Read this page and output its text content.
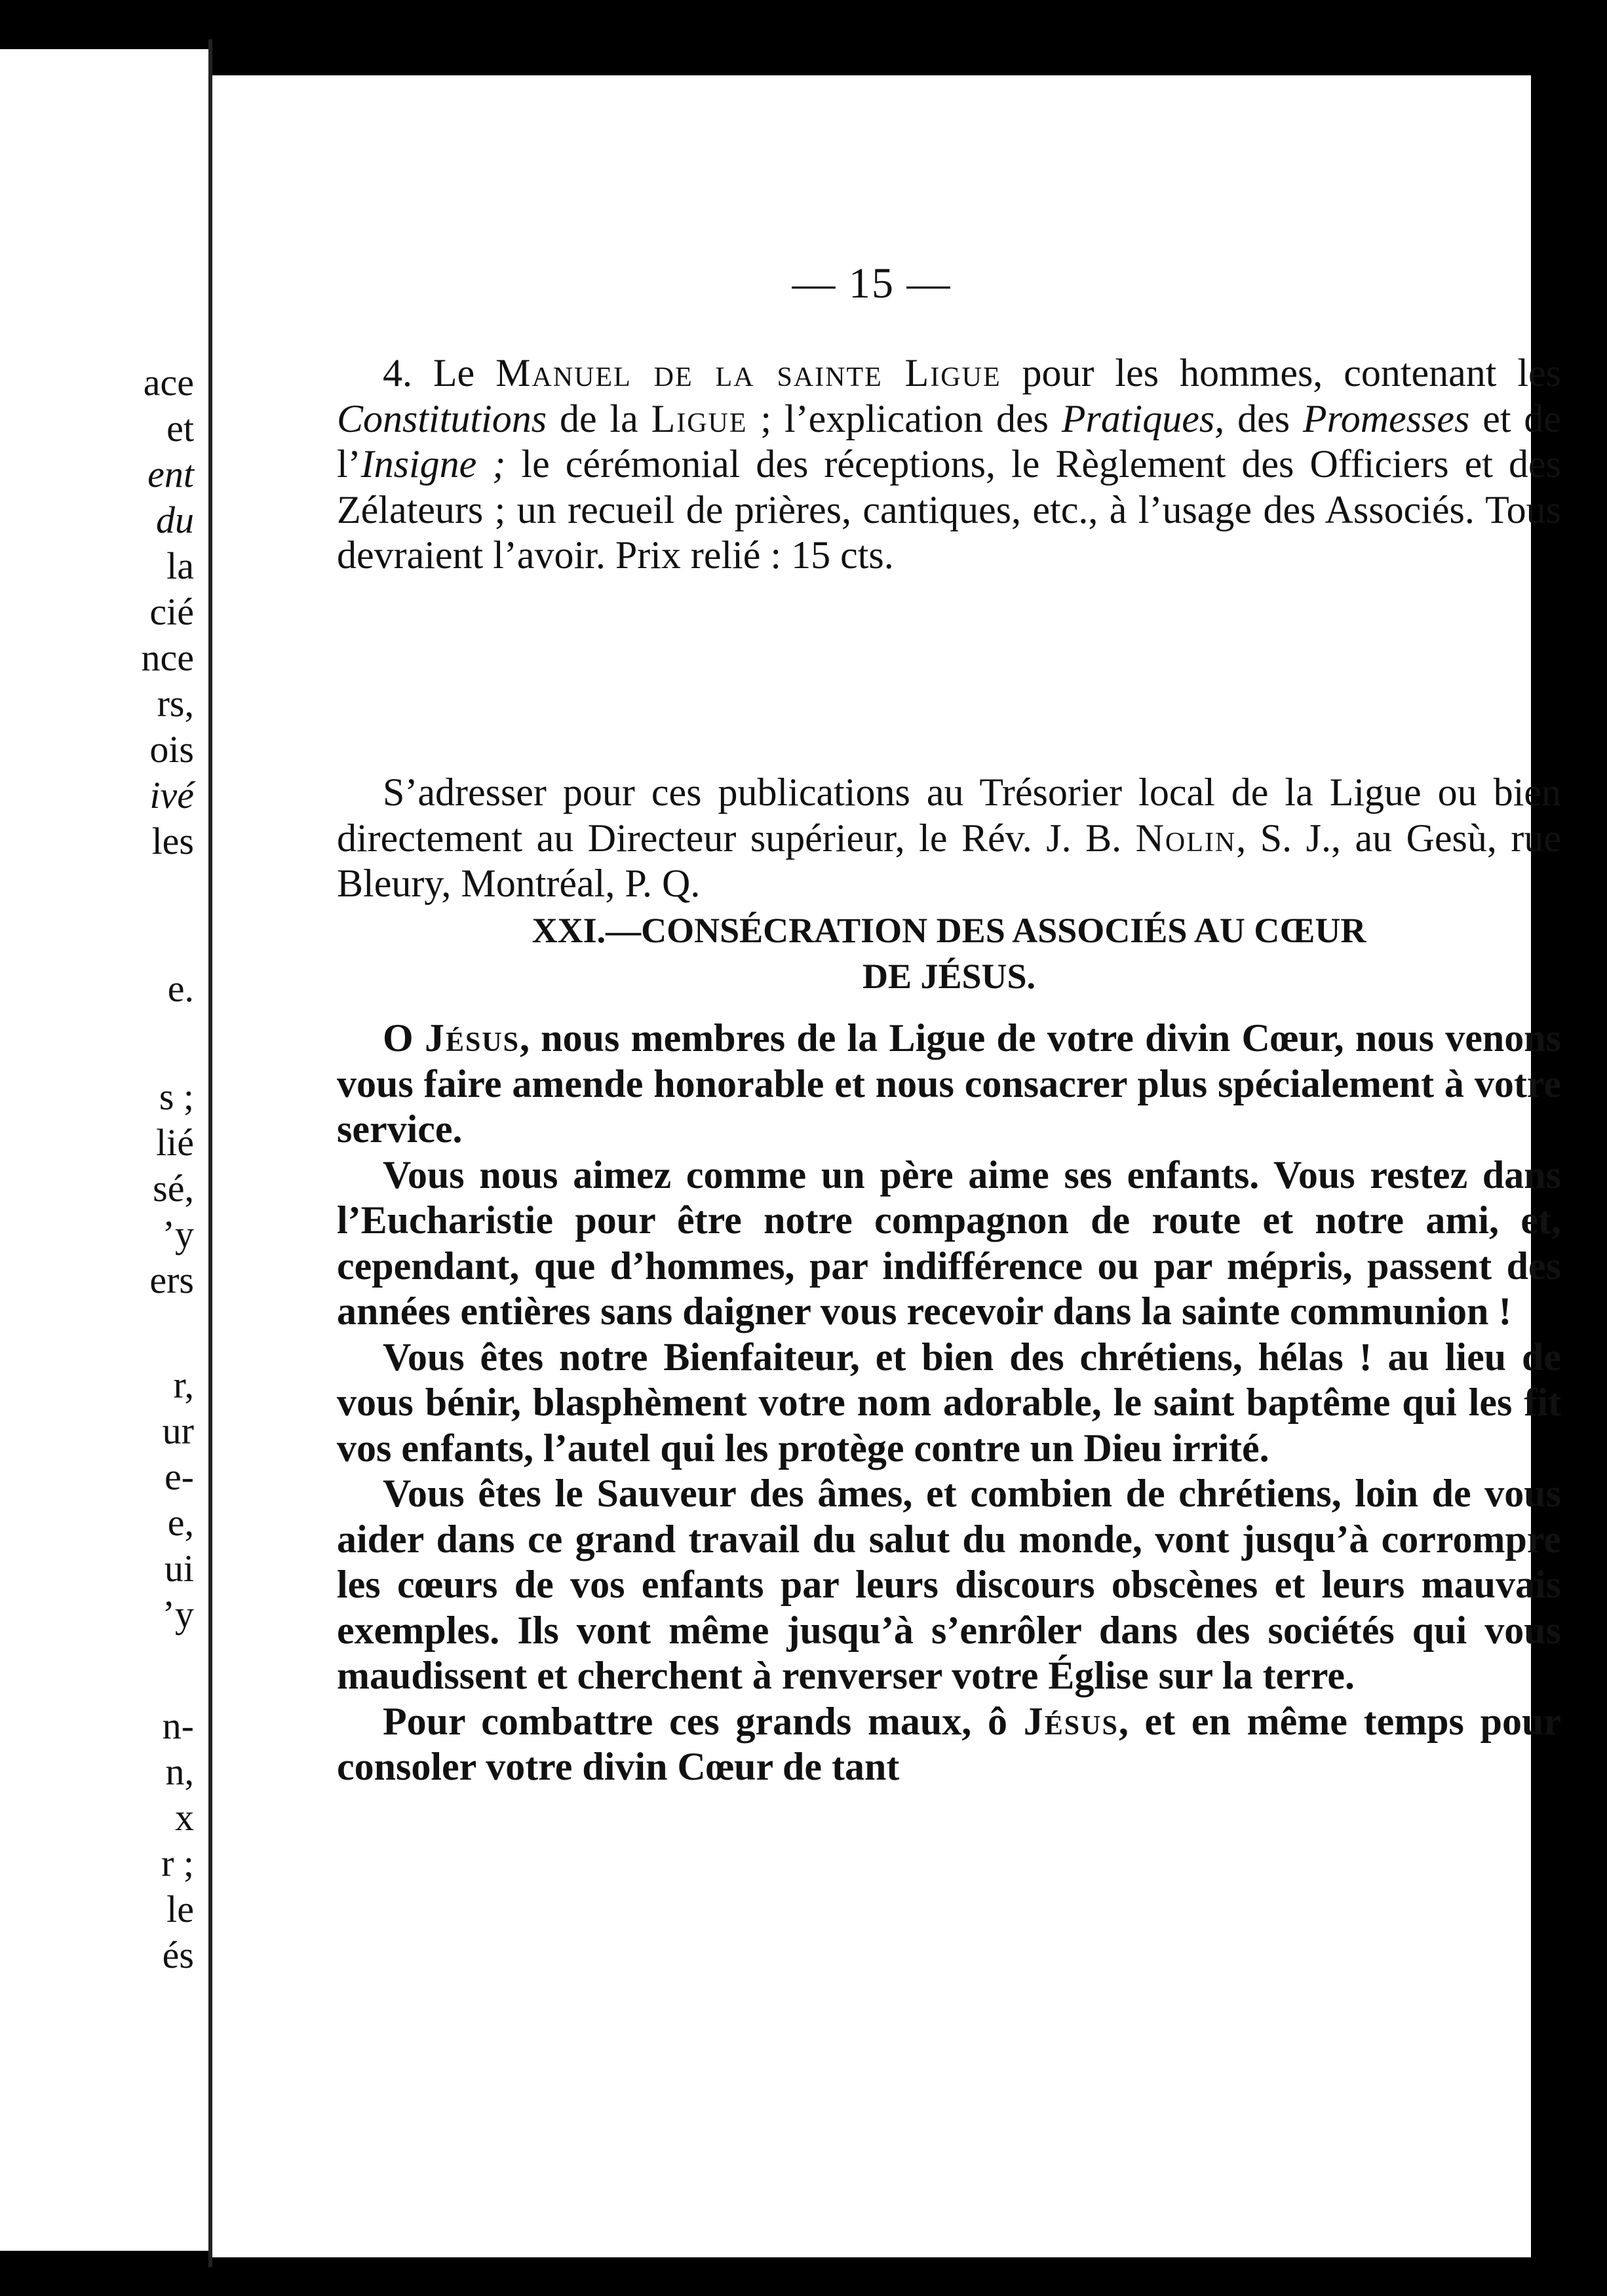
ace
et
ent
du
la
cié
nce
rs,
ois
ivé
les
e.
s ;
lié
sé,
’y
ers
r,
ur
e-
e,
ui
’y
n-
n,
x
r ;
le
és
— 15 —

4. Le Manuel de la sainte Ligue pour les hommes, contenant les Constitutions de la Ligue ; l’explication des Pratiques, des Promesses et de l’Insigne ; le cérémonial des réceptions, le Règlement des Officiers et des Zélateurs ; un recueil de prières, cantiques, etc., à l’usage des Associés. Tous devraient l’avoir. Prix relié : 15 cts.

S’adresser pour ces publications au Trésorier local de la Ligue ou bien directement au Directeur supérieur, le Rév. J. B. Nolin, S. J., au Gesù, rue Bleury, Montréal, P. Q.

XXI.—CONSÉCRATION DES ASSOCIÉS AU CŒUR
DE JÉSUS.

O Jésus, nous membres de la Ligue de votre divin Cœur, nous venons vous faire amende honorable et nous consacrer plus spécialement à votre service.

Vous nous aimez comme un père aime ses enfants. Vous restez dans l’Eucharistie pour être notre compagnon de route et notre ami, et, cependant, que d’hommes, par indifférence ou par mépris, passent des années entières sans daigner vous recevoir dans la sainte communion !

Vous êtes notre Bienfaiteur, et bien des chrétiens, hélas ! au lieu de vous bénir, blasphèment votre nom adorable, le saint baptême qui les fit vos enfants, l’autel qui les protège contre un Dieu irrité.

Vous êtes le Sauveur des âmes, et combien de chrétiens, loin de vous aider dans ce grand travail du salut du monde, vont jusqu’à corrompre les cœurs de vos enfants par leurs discours obscènes et leurs mauvais exemples. Ils vont même jusqu’à s’enrôler dans des sociétés qui vous maudissent et cherchent à renverser votre Église sur la terre.

Pour combattre ces grands maux, ô Jésus, et en même temps pour consoler votre divin Cœur de tant
